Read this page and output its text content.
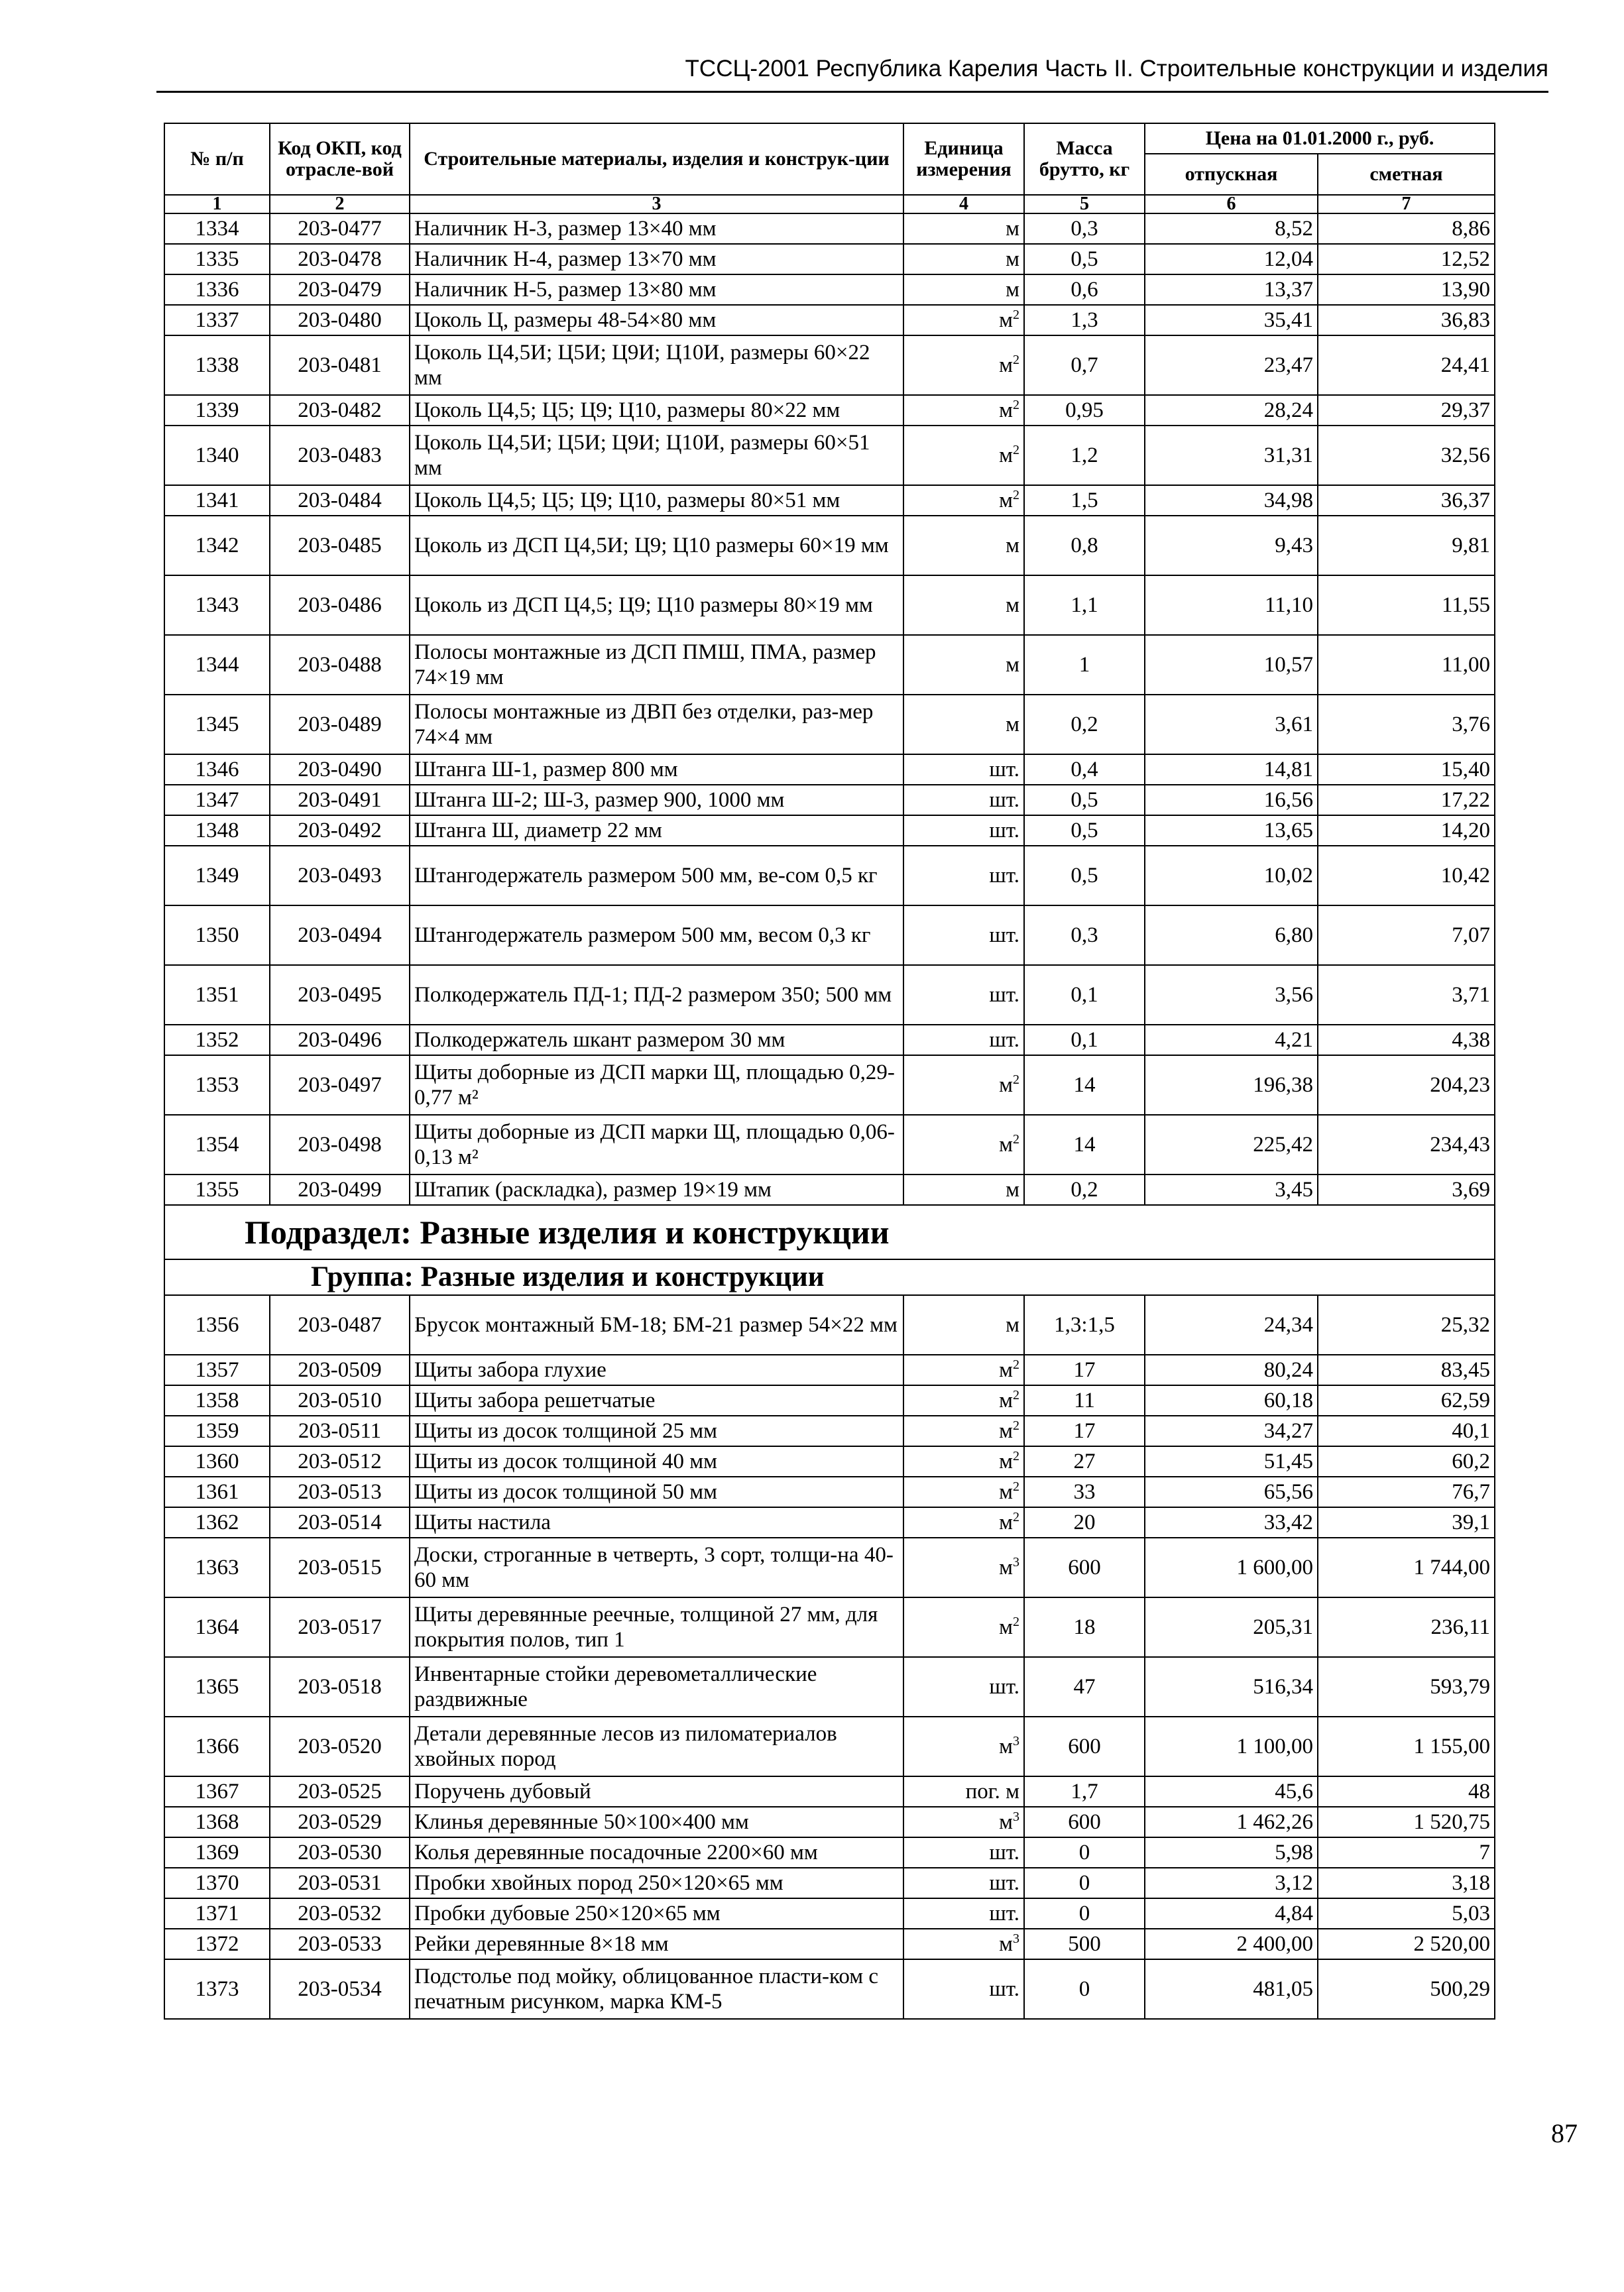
ТССЦ-2001 Республика Карелия Часть II. Строительные конструкции и изделия
№ п/п	Код ОКП, код отрасле-вой	Строительные материалы, изделия и конструк-ции	Единица измерения	Масса брутто, кг	Цена на 01.01.2000 г., руб.	
					отпускная	сметная
1	2	3	4	5	6	7
1334	203-0477	Наличник Н-3, размер 13×40 мм	м	0,3	8,52	8,86
1335	203-0478	Наличник Н-4, размер 13×70 мм	м	0,5	12,04	12,52
1336	203-0479	Наличник Н-5, размер 13×80 мм	м	0,6	13,37	13,90
1337	203-0480	Цоколь Ц, размеры 48-54×80 мм	$м^2$	1,3	35,41	36,83
1338	203-0481	Цоколь Ц4,5И; Ц5И; Ц9И; Ц10И, размеры 60×22 мм	$м^2$	0,7	23,47	24,41
1339	203-0482	Цоколь Ц4,5; Ц5; Ц9; Ц10, размеры 80×22 мм	$м^2$	0,95	28,24	29,37
1340	203-0483	Цоколь Ц4,5И; Ц5И; Ц9И; Ц10И, размеры 60×51 мм	$м^2$	1,2	31,31	32,56
1341	203-0484	Цоколь Ц4,5; Ц5; Ц9; Ц10, размеры 80×51 мм	$м^2$	1,5	34,98	36,37
1342	203-0485	Цоколь из ДСП Ц4,5И; Ц9; Ц10 размеры 60×19 мм	м	0,8	9,43	9,81
1343	203-0486	Цоколь из ДСП Ц4,5; Ц9; Ц10 размеры 80×19 мм	м	1,1	11,10	11,55
1344	203-0488	Полосы монтажные из ДСП ПМШ, ПМА, размер 74×19 мм	м	1	10,57	11,00
1345	203-0489	Полосы монтажные из ДВП без отделки, раз-мер 74×4 мм	м	0,2	3,61	3,76
1346	203-0490	Штанга Ш-1, размер 800 мм	шт.	0,4	14,81	15,40
1347	203-0491	Штанга Ш-2; Ш-3, размер 900, 1000 мм	шт.	0,5	16,56	17,22
1348	203-0492	Штанга Ш, диаметр 22 мм	шт.	0,5	13,65	14,20
1349	203-0493	Штангодержатель размером 500 мм, ве-сом 0,5 кг	шт.	0,5	10,02	10,42
1350	203-0494	Штангодержатель размером 500 мм, весом 0,3 кг	шт.	0,3	6,80	7,07
1351	203-0495	Полкодержатель ПД-1; ПД-2 размером 350; 500 мм	шт.	0,1	3,56	3,71
1352	203-0496	Полкодержатель шкант размером 30 мм	шт.	0,1	4,21	4,38
1353	203-0497	Щиты доборные из ДСП марки Щ, площадью 0,29-0,77 м²	$м^2$	14	196,38	204,23
1354	203-0498	Щиты доборные из ДСП марки Щ, площадью 0,06-0,13 м²	$м^2$	14	225,42	234,43
1355	203-0499	Штапик (раскладка), размер 19×19 мм	м	0,2	3,45	3,69
Подраздел: Разные изделия и конструкции						
Группа: Разные изделия и конструкции						
1356	203-0487	Брусок монтажный БМ-18; БМ-21 размер 54×22 мм	м	1,3:1,5	24,34	25,32
1357	203-0509	Щиты забора глухие	$м^2$	17	80,24	83,45
1358	203-0510	Щиты забора решетчатые	$м^2$	11	60,18	62,59
1359	203-0511	Щиты из досок толщиной 25 мм	$м^2$	17	34,27	40,1
1360	203-0512	Щиты из досок толщиной 40 мм	$м^2$	27	51,45	60,2
1361	203-0513	Щиты из досок толщиной 50 мм	$м^2$	33	65,56	76,7
1362	203-0514	Щиты настила	$м^2$	20	33,42	39,1
1363	203-0515	Доски, строганные в четверть, 3 сорт, толщи-на 40-60 мм	$м^3$	600	1 600,00	1 744,00
1364	203-0517	Щиты деревянные реечные, толщиной 27 мм, для покрытия полов, тип 1	$м^2$	18	205,31	236,11
1365	203-0518	Инвентарные стойки деревометаллические раздвижные	шт.	47	516,34	593,79
1366	203-0520	Детали деревянные лесов из пиломатериалов хвойных пород	$м^3$	600	1 100,00	1 155,00
1367	203-0525	Поручень дубовый	пог. м	1,7	45,6	48
1368	203-0529	Клинья деревянные 50×100×400 мм	$м^3$	600	1 462,26	1 520,75
1369	203-0530	Колья деревянные посадочные 2200×60 мм	шт.	0	5,98	7
1370	203-0531	Пробки хвойных пород 250×120×65 мм	шт.	0	3,12	3,18
1371	203-0532	Пробки дубовые 250×120×65 мм	шт.	0	4,84	5,03
1372	203-0533	Рейки деревянные 8×18 мм	$м^3$	500	2 400,00	2 520,00
1373	203-0534	Подстолье под мойку, облицованное пласти-ком с печатным рисунком, марка КМ-5	шт.	0	481,05	500,29
87
